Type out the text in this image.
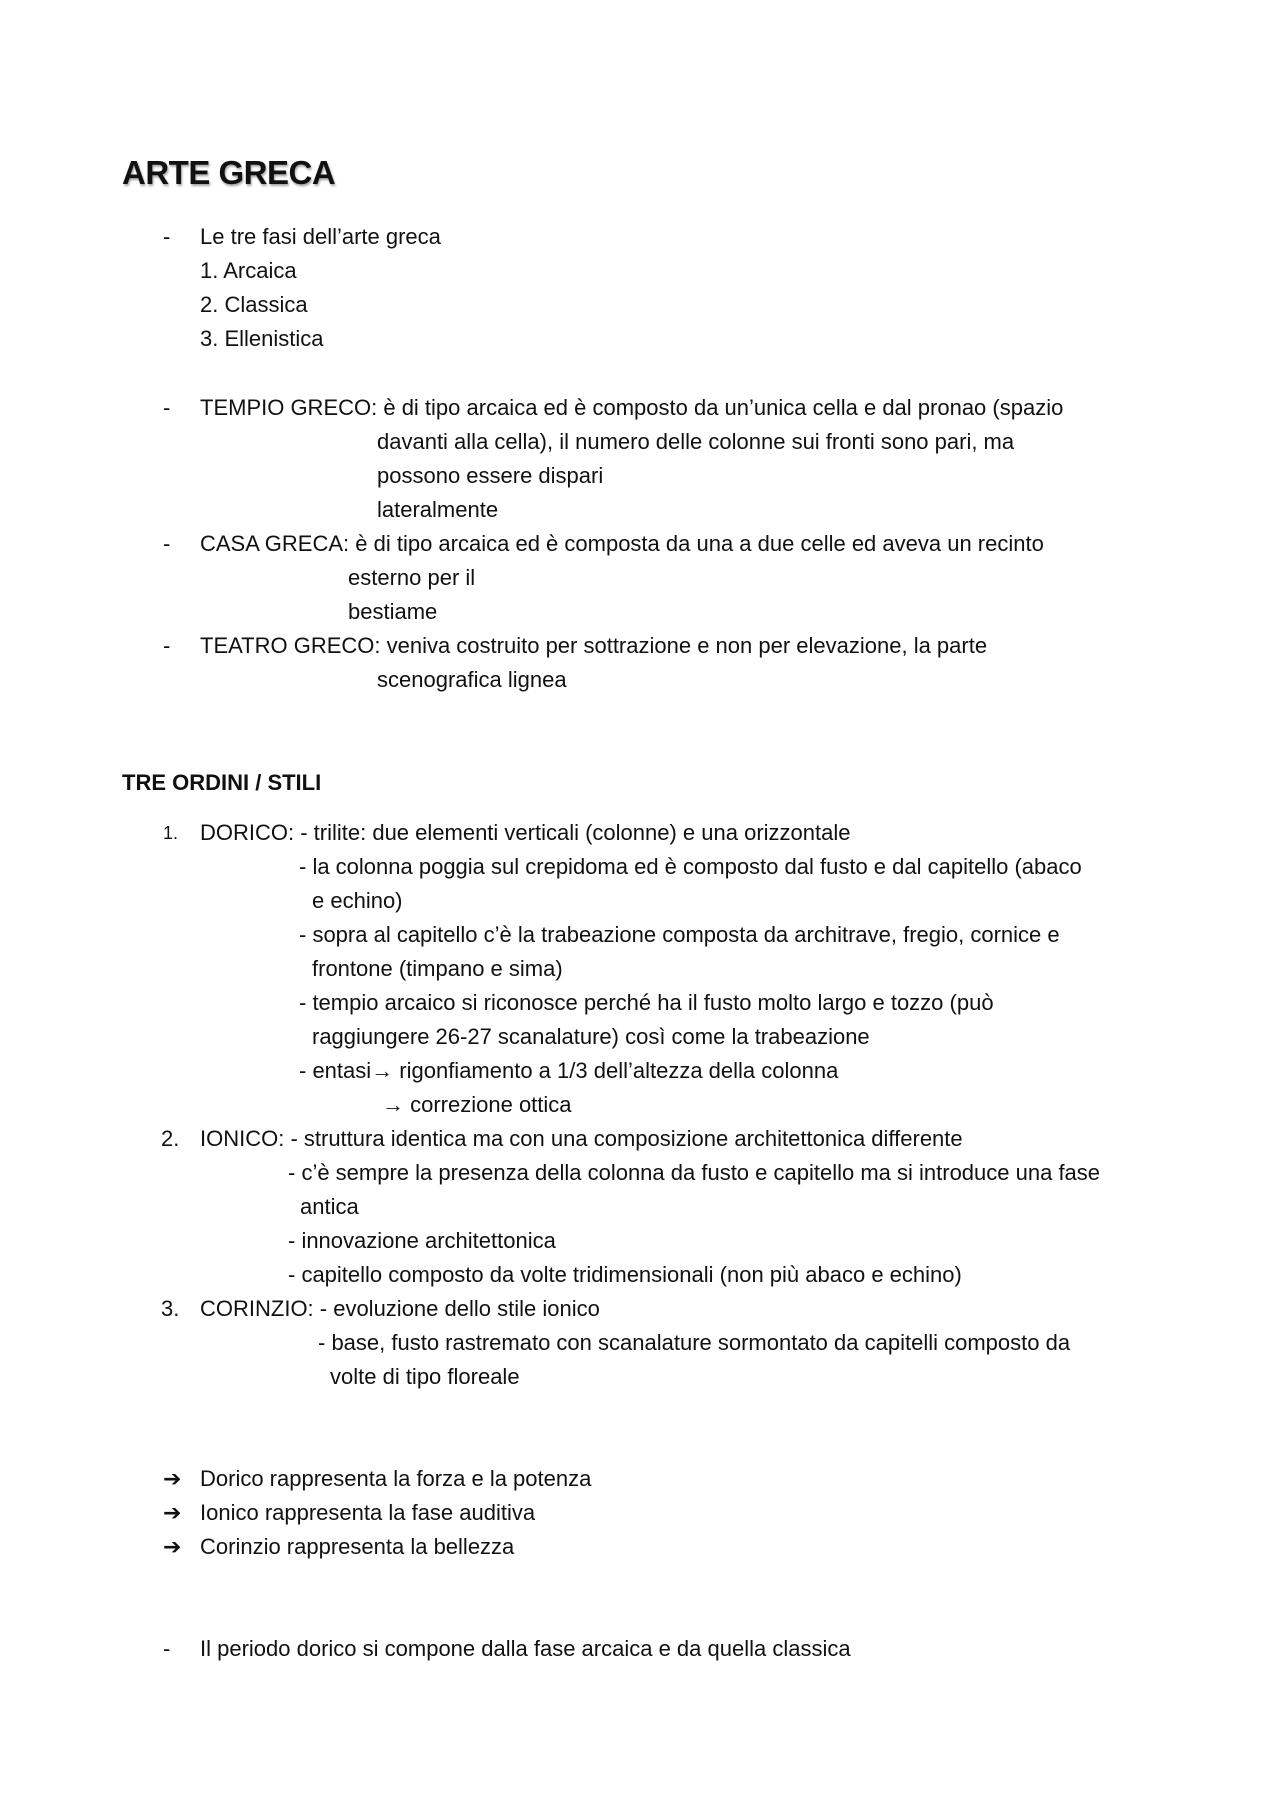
ARTE GRECA
- Le tre fasi dell’arte greca
1. Arcaica
2. Classica
3. Ellenistica
- TEMPIO GRECO: è di tipo arcaica ed è composto da un’unica cella e dal pronao (spazio
davanti alla cella), il numero delle colonne sui fronti sono pari, ma
possono essere dispari
lateralmente
- CASA GRECA: è di tipo arcaica ed è composta da una a due celle ed aveva un recinto
esterno per il
bestiame
- TEATRO GRECO: veniva costruito per sottrazione e non per elevazione, la parte
scenografica lignea
TRE ORDINI / STILI
1. DORICO: - trilite: due elementi verticali (colonne) e una orizzontale
- la colonna poggia sul crepidoma ed è composto dal fusto e dal capitello (abaco
e echino)
- sopra al capitello c’è la trabeazione composta da architrave, fregio, cornice e
frontone (timpano e sima)
- tempio arcaico si riconosce perché ha il fusto molto largo e tozzo (può
raggiungere 26-27 scanalature) così come la trabeazione
- entasi→ rigonfiamento a 1/3 dell’altezza della colonna
→ correzione ottica
2. IONICO: - struttura identica ma con una composizione architettonica differente
- c’è sempre la presenza della colonna da fusto e capitello ma si introduce una fase
antica
- innovazione architettonica
- capitello composto da volte tridimensionali (non più abaco e echino)
3. CORINZIO: - evoluzione dello stile ionico
- base, fusto rastremato con scanalature sormontato da capitelli composto da
volte di tipo floreale
➔ Dorico rappresenta la forza e la potenza
➔ Ionico rappresenta la fase auditiva
➔ Corinzio rappresenta la bellezza
- Il periodo dorico si compone dalla fase arcaica e da quella classica
